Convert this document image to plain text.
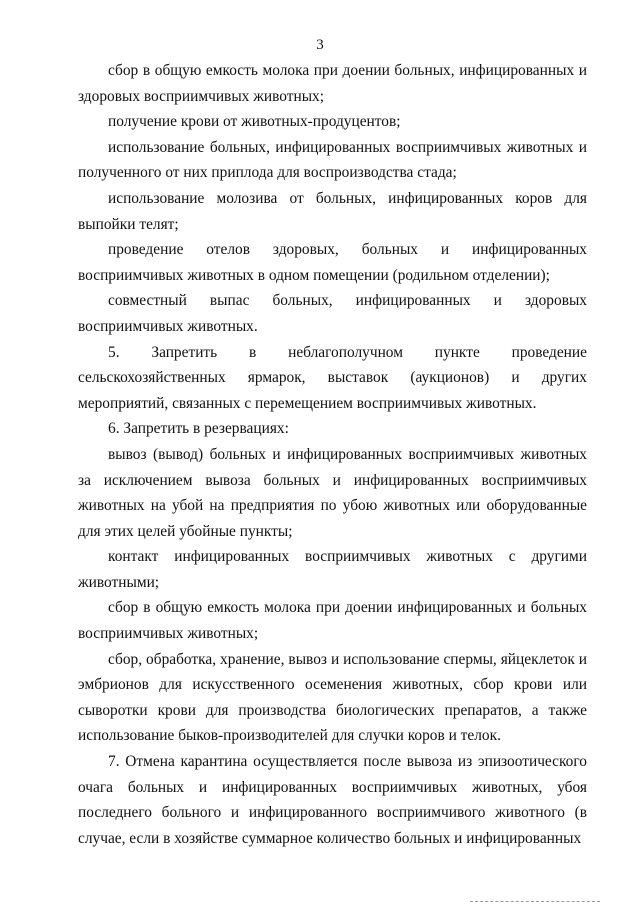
3

сбор в общую емкость молока при доении больных, инфицированных и здоровых восприимчивых животных;

получение крови от животных-продуцентов;

использование больных, инфицированных восприимчивых животных и полученного от них приплода для воспроизводства стада;

использование молозива от больных, инфицированных коров для выпойки телят;

проведение отелов здоровых, больных и инфицированных восприимчивых животных в одном помещении (родильном отделении);

совместный выпас больных, инфицированных и здоровых восприимчивых животных.

5. Запретить в неблагополучном пункте проведение сельскохозяйственных ярмарок, выставок (аукционов) и других мероприятий, связанных с перемещением восприимчивых животных.

6. Запретить в резервациях:

вывоз (вывод) больных и инфицированных восприимчивых животных за исключением вывоза больных и инфицированных восприимчивых животных на убой на предприятия по убою животных или оборудованные для этих целей убойные пункты;

контакт инфицированных восприимчивых животных с другими животными;

сбор в общую емкость молока при доении инфицированных и больных восприимчивых животных;

сбор, обработка, хранение, вывоз и использование спермы, яйцеклеток и эмбрионов для искусственного осеменения животных, сбор крови или сыворотки крови для производства биологических препаратов, а также использование быков-производителей для случки коров и телок.

7. Отмена карантина осуществляется после вывоза из эпизоотического очага больных и инфицированных восприимчивых животных, убоя последнего больного и инфицированного восприимчивого животного (в случае, если в хозяйстве суммарное количество больных и инфицированных
